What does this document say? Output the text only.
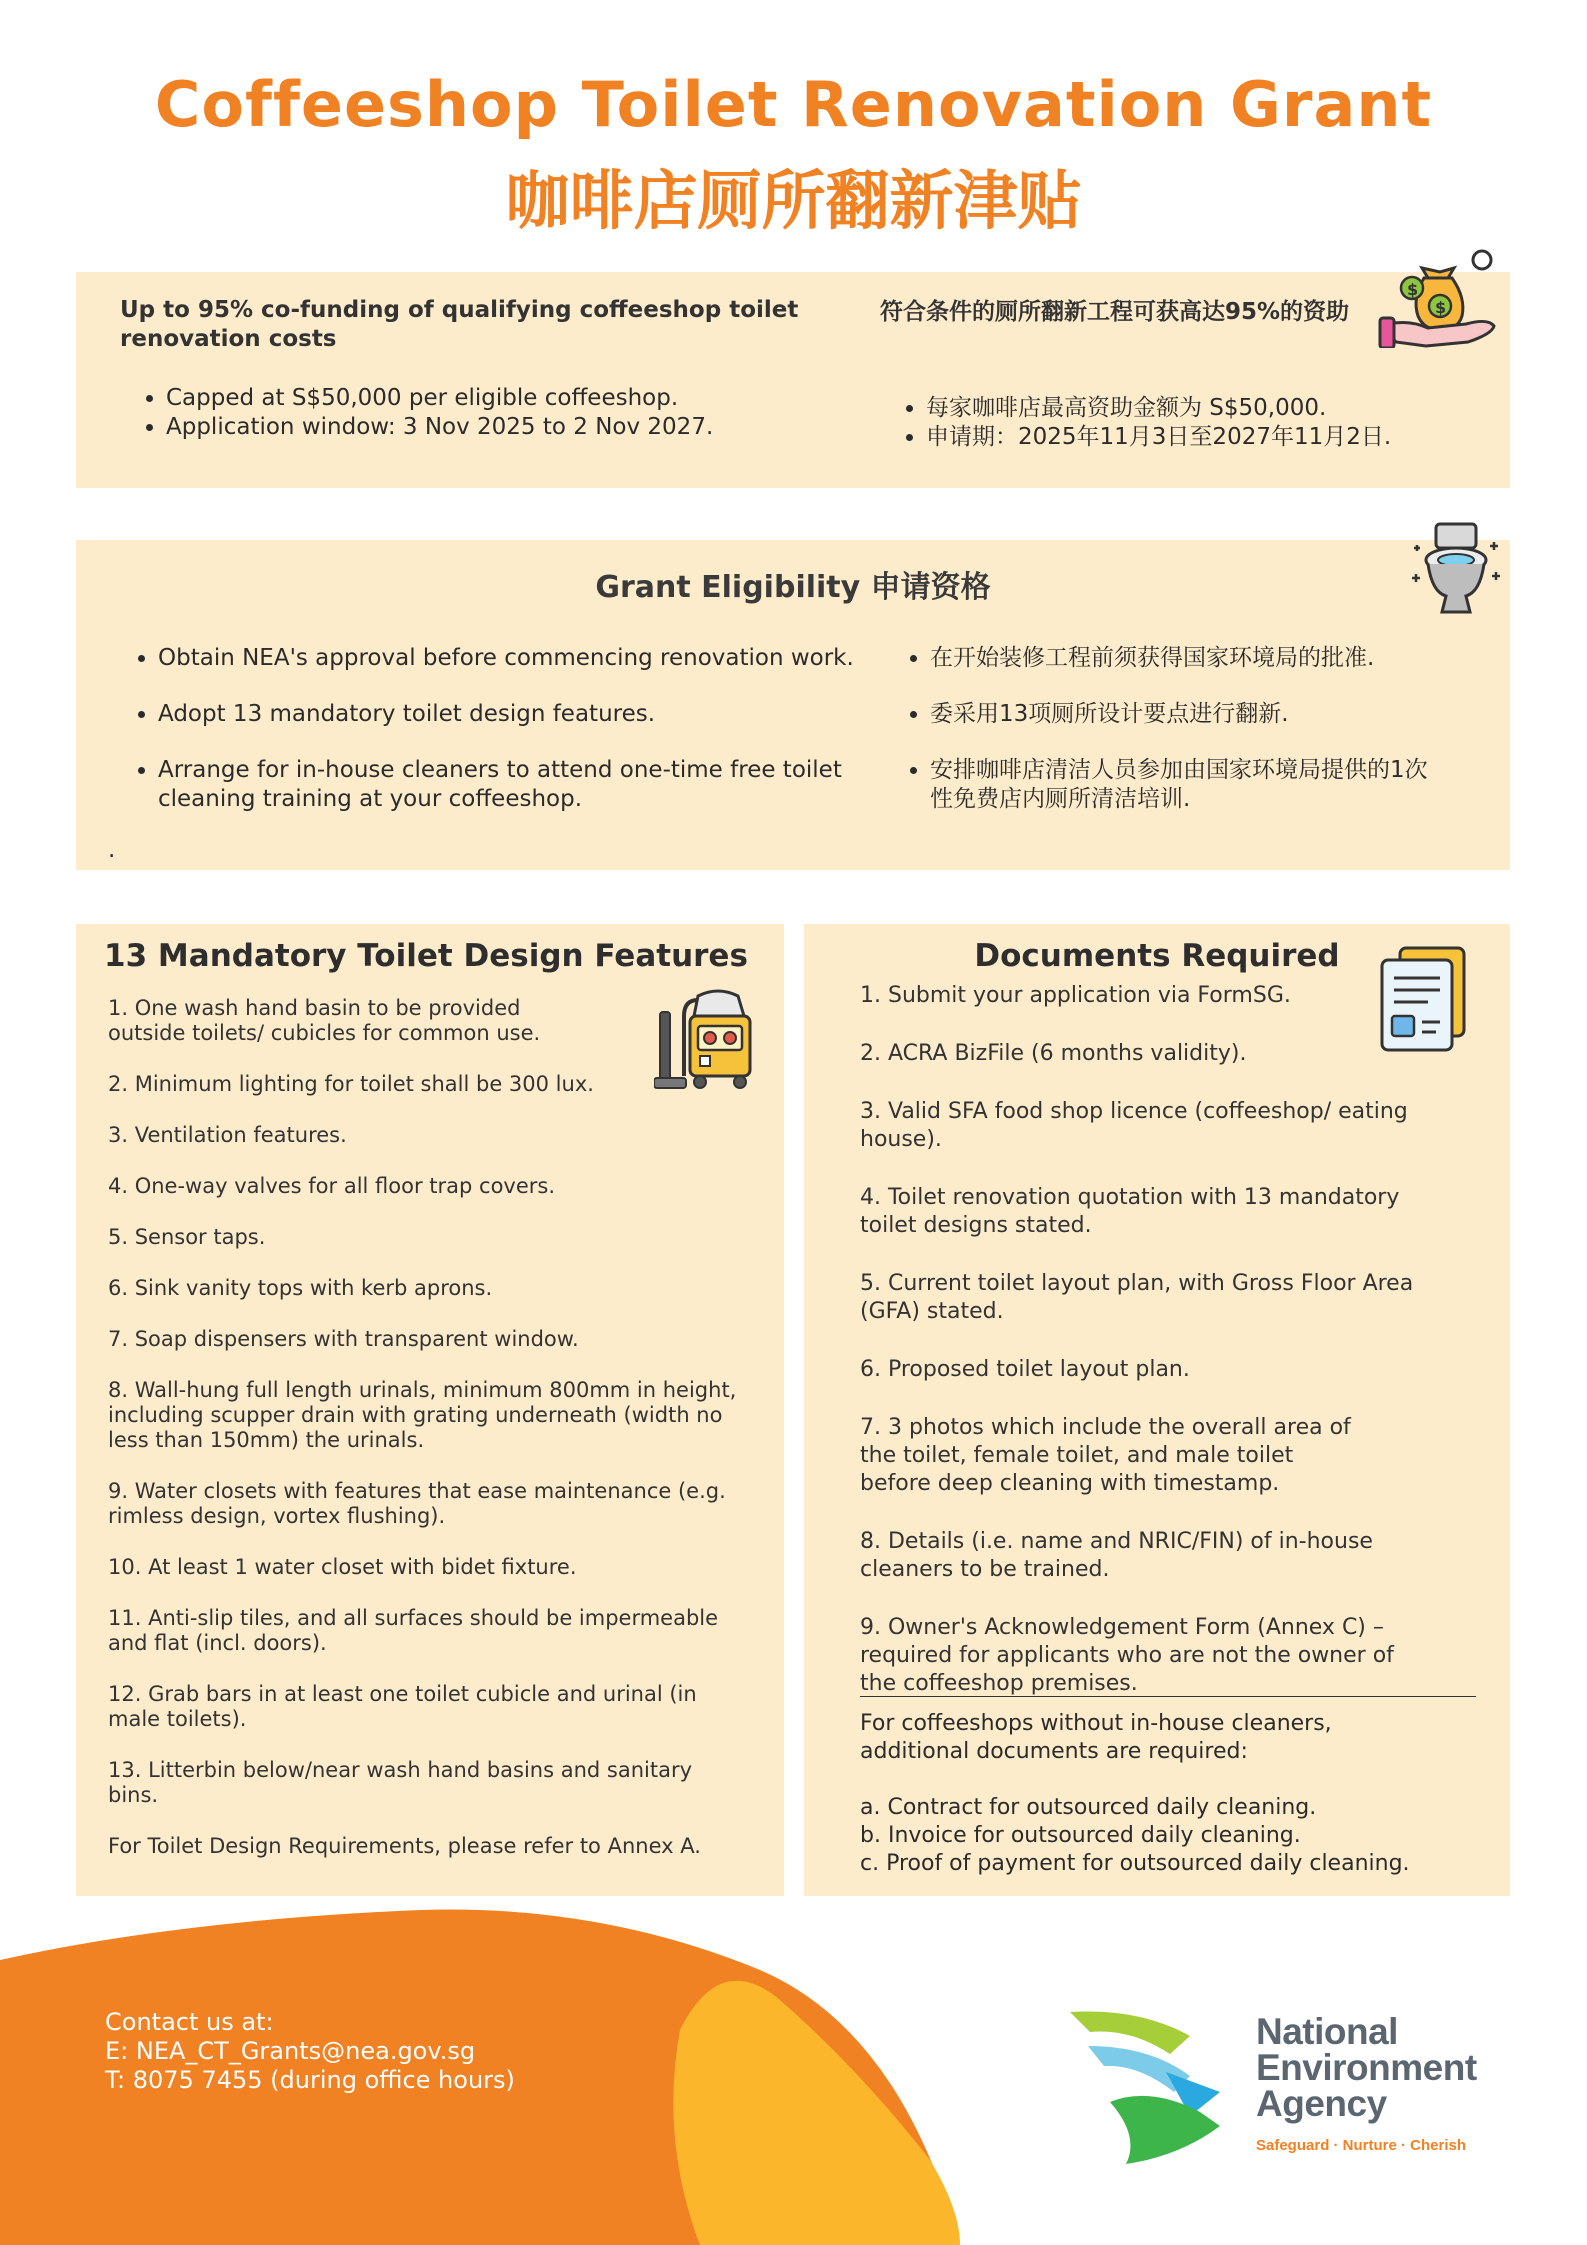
Coffeeshop Toilet Renovation Grant
咖啡店厕所翻新津贴
Up to 95% co-funding of qualifying coffeeshop toilet renovation costs
• Capped at S$50,000 per eligible coffeeshop.
• Application window: 3 Nov 2025 to 2 Nov 2027.
符合条件的厕所翻新工程可获高达95%的资助
• 每家咖啡店最高资助金额为 S$50,000.
• 申请期：2025年11月3日至2027年11月2日.
$
$
Grant Eligibility 申请资格
• Obtain NEA's approval before commencing renovation work.
• Adopt 13 mandatory toilet design features.
• Arrange for in-house cleaners to attend one-time free toilet cleaning training at your coffeeshop.
• 在开始装修工程前须获得国家环境局的批准.
• 委采用13项厕所设计要点进行翻新.
• 安排咖啡店清洁人员参加由国家环境局提供的1次性免费店内厕所清洁培训.
.
13 Mandatory Toilet Design Features
1. One wash hand basin to be provided outside toilets/ cubicles for common use.
2. Minimum lighting for toilet shall be 300 lux.
3. Ventilation features.
4. One-way valves for all floor trap covers.
5. Sensor taps.
6. Sink vanity tops with kerb aprons.
7. Soap dispensers with transparent window.
8. Wall-hung full length urinals, minimum 800mm in height, including scupper drain with grating underneath (width no less than 150mm) the urinals.
9. Water closets with features that ease maintenance (e.g. rimless design, vortex flushing).
10. At least 1 water closet with bidet fixture.
11. Anti-slip tiles, and all surfaces should be impermeable and flat (incl. doors).
12. Grab bars in at least one toilet cubicle and urinal (in male toilets).
13. Litterbin below/near wash hand basins and sanitary bins.
For Toilet Design Requirements, please refer to Annex A.
Documents Required
1. Submit your application via FormSG.
2. ACRA BizFile (6 months validity).
3. Valid SFA food shop licence (coffeeshop/ eating house).
4. Toilet renovation quotation with 13 mandatory toilet designs stated.
5. Current toilet layout plan, with Gross Floor Area (GFA) stated.
6. Proposed toilet layout plan.
7. 3 photos which include the overall area of the toilet, female toilet, and male toilet before deep cleaning with timestamp.
8. Details (i.e. name and NRIC/FIN) of in-house cleaners to be trained.
9. Owner's Acknowledgement Form (Annex C) – required for applicants who are not the owner of the coffeeshop premises.
For coffeeshops without in-house cleaners, additional documents are required:
a. Contract for outsourced daily cleaning.
b. Invoice for outsourced daily cleaning.
c. Proof of payment for outsourced daily cleaning.
Contact us at:
E: NEA_CT_Grants@nea.gov.sg
T: 8075 7455 (during office hours)
National
Environment
Agency
Safeguard · Nurture · Cherish
